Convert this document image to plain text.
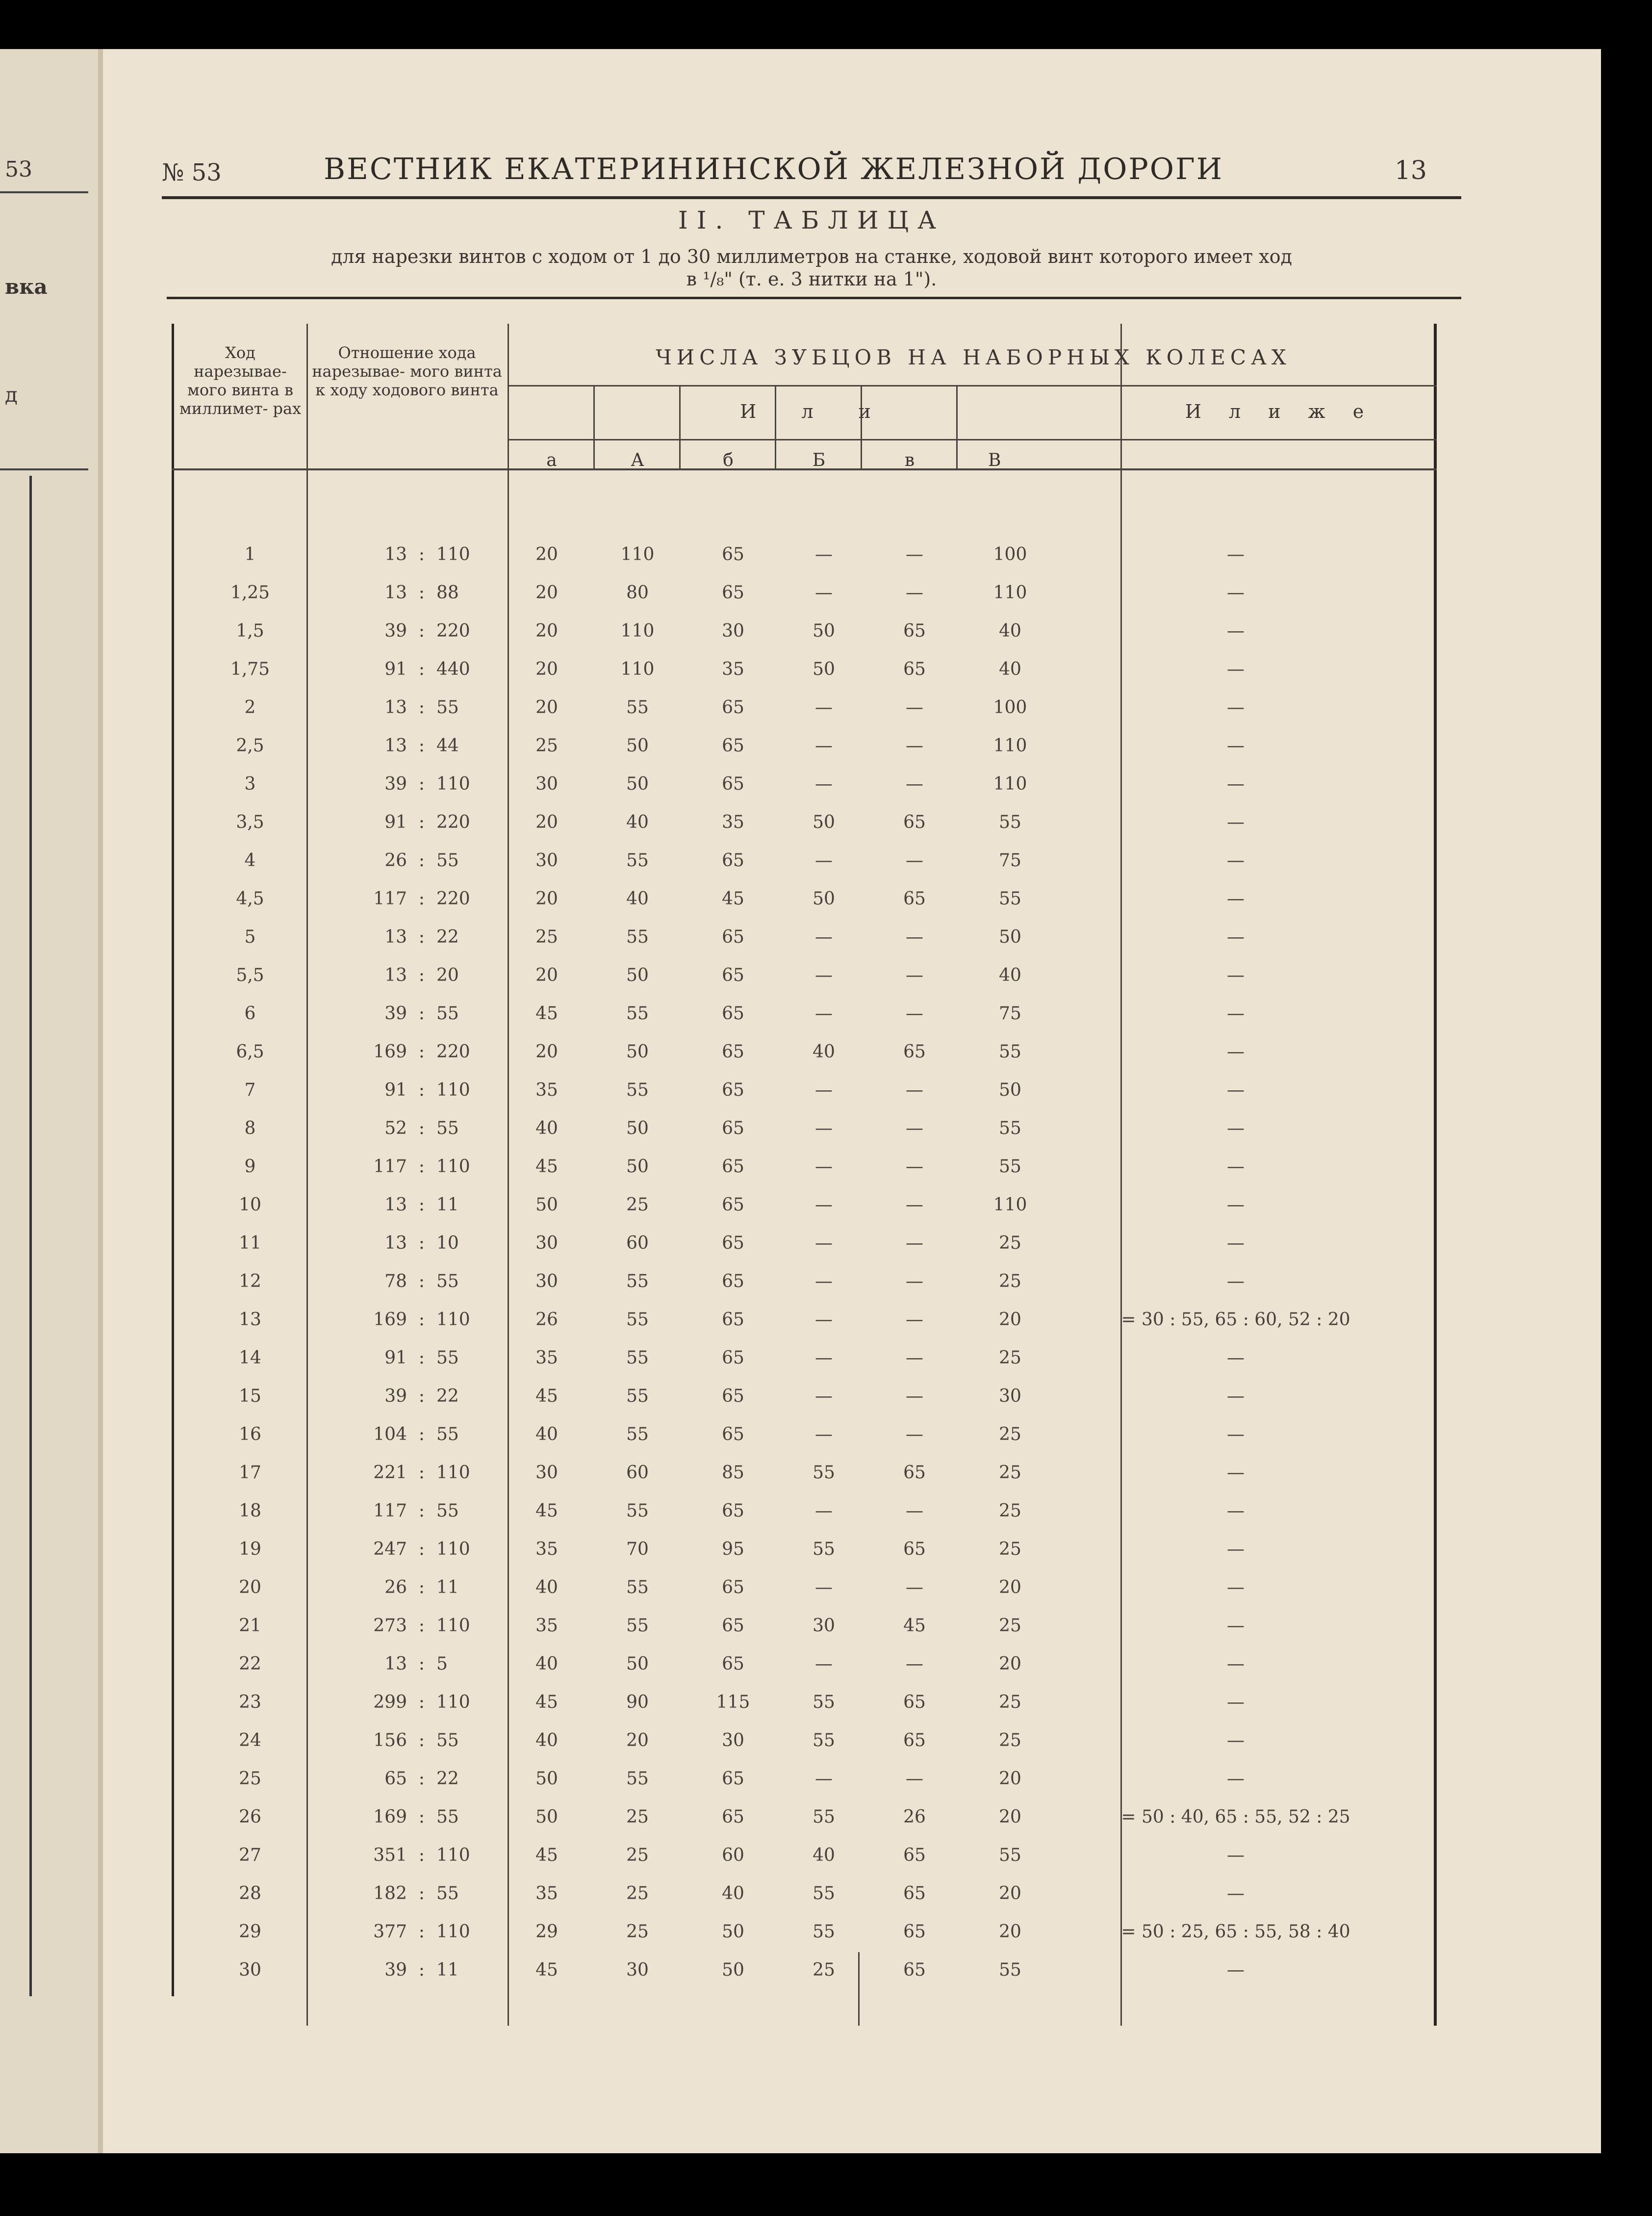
53
вка
д
№ 53	ВЕСТНИК ЕКАТЕРИНИНСКОЙ ЖЕЛЕЗНОЙ ДОРОГИ	13
II. ТАБЛИЦА
для нарезки винтов с ходом от 1 до 30 миллиметров на станке, ходовой винт которого имеет ход
в ¹/₈" (т. е. 3 нитки на 1").
Ход нарезывае- мого винта в миллимет- рах
Отношение хода нарезывае- мого винта к ходу ходового винта
ЧИСЛА ЗУБЦОВ НА НАБОРНЫХ КОЛЕСАХ
И л и	И л и ж е
а	А	б	Б	в	В
1	13 : 110	20	110	65	—	—	100	—
1,25	13 : 88	20	80	65	—	—	110	—
1,5	39 : 220	20	110	30	50	65	40	—
1,75	91 : 440	20	110	35	50	65	40	—
2	13 : 55	20	55	65	—	—	100	—
2,5	13 : 44	25	50	65	—	—	110	—
3	39 : 110	30	50	65	—	—	110	—
3,5	91 : 220	20	40	35	50	65	55	—
4	26 : 55	30	55	65	—	—	75	—
4,5	117 : 220	20	40	45	50	65	55	—
5	13 : 22	25	55	65	—	—	50	—
5,5	13 : 20	20	50	65	—	—	40	—
6	39 : 55	45	55	65	—	—	75	—
6,5	169 : 220	20	50	65	40	65	55	—
7	91 : 110	35	55	65	—	—	50	—
8	52 : 55	40	50	65	—	—	55	—
9	117 : 110	45	50	65	—	—	55	—
10	13 : 11	50	25	65	—	—	110	—
11	13 : 10	30	60	65	—	—	25	—
12	78 : 55	30	55	65	—	—	25	—
13	169 : 110	26	55	65	—	—	20	= 30 : 55, 65 : 60, 52 : 20
14	91 : 55	35	55	65	—	—	25	—
15	39 : 22	45	55	65	—	—	30	—
16	104 : 55	40	55	65	—	—	25	—
17	221 : 110	30	60	85	55	65	25	—
18	117 : 55	45	55	65	—	—	25	—
19	247 : 110	35	70	95	55	65	25	—
20	26 : 11	40	55	65	—	—	20	—
21	273 : 110	35	55	65	30	45	25	—
22	13 : 5	40	50	65	—	—	20	—
23	299 : 110	45	90	115	55	65	25	—
24	156 : 55	40	20	30	55	65	25	—
25	65 : 22	50	55	65	—	—	20	—
26	169 : 55	50	25	65	55	26	20	= 50 : 40, 65 : 55, 52 : 25
27	351 : 110	45	25	60	40	65	55	—
28	182 : 55	35	25	40	55	65	20	—
29	377 : 110	29	25	50	55	65	20	= 50 : 25, 65 : 55, 58 : 40
30	39 : 11	45	30	50	25	65	55	—
